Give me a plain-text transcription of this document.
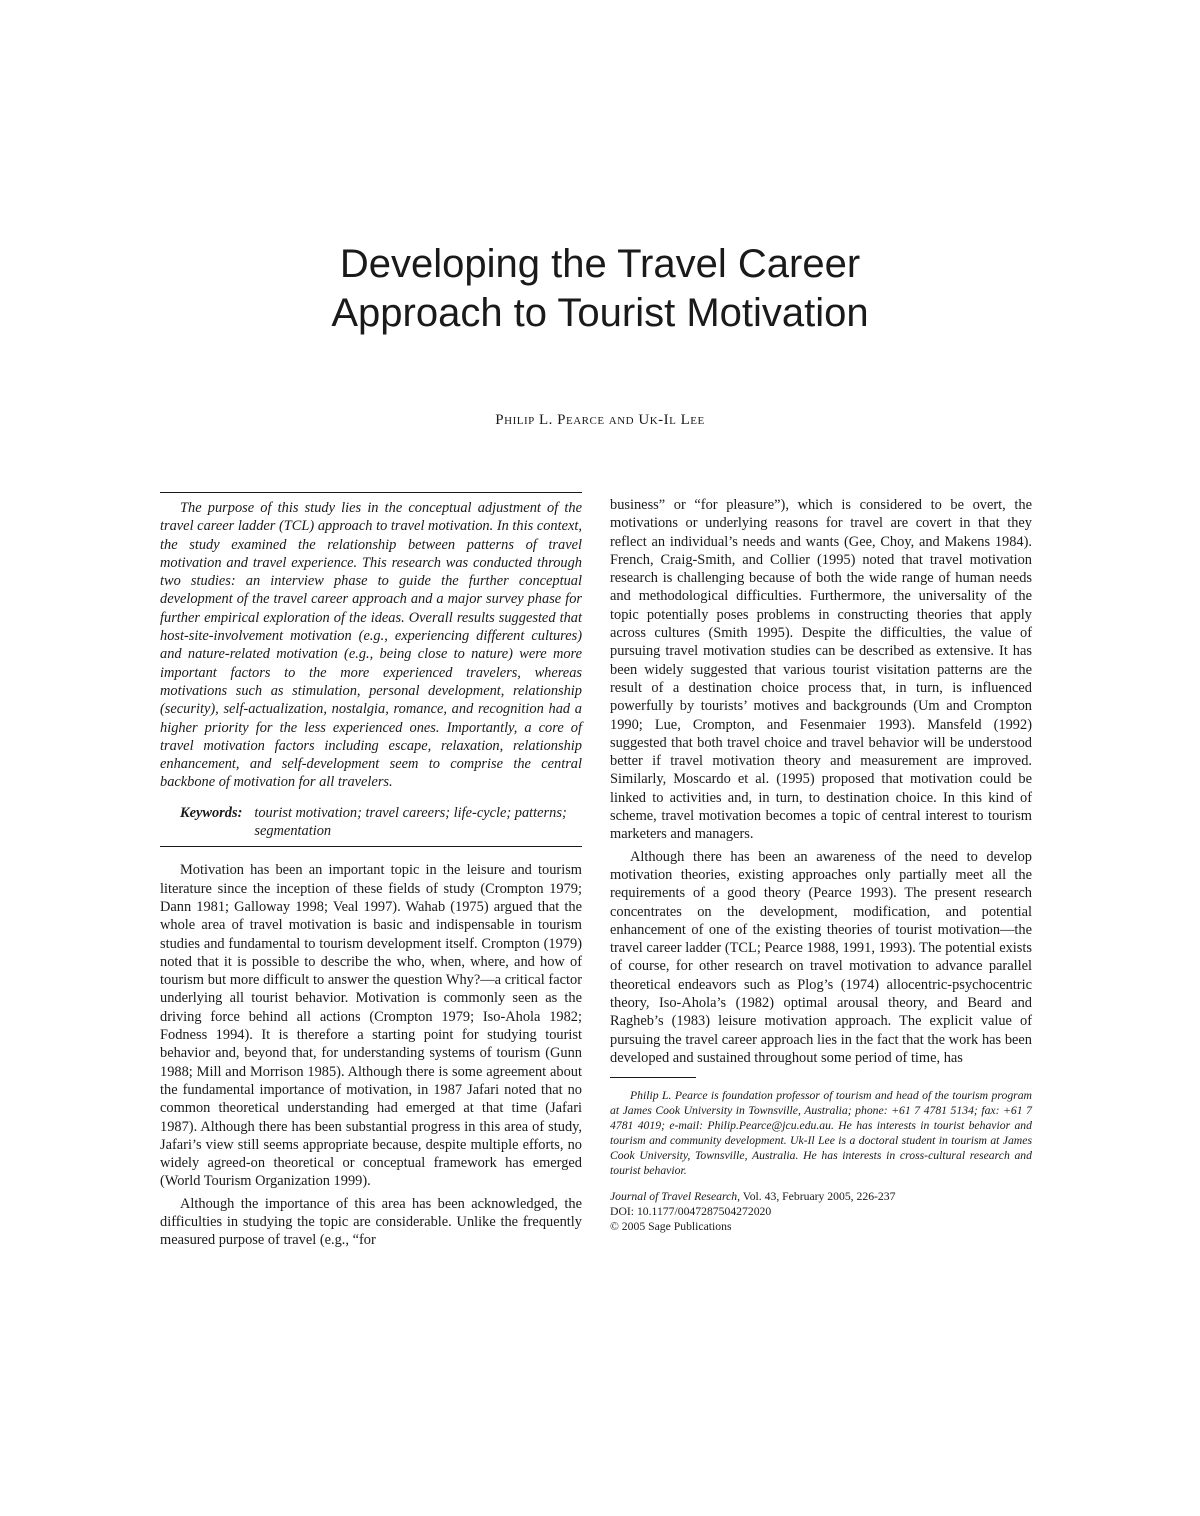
Developing the Travel Career
Approach to Tourist Motivation
Philip L. Pearce and Uk-Il Lee

The purpose of this study lies in the conceptual adjustment of the travel career ladder (TCL) approach to travel motivation. In this context, the study examined the relationship between patterns of travel motivation and travel experience. This research was conducted through two studies: an interview phase to guide the further conceptual development of the travel career approach and a major survey phase for further empirical exploration of the ideas. Overall results suggested that host-site-involvement motivation (e.g., experiencing different cultures) and nature-related motivation (e.g., being close to nature) were more important factors to the more experienced travelers, whereas motivations such as stimulation, personal development, relationship (security), self-actualization, nostalgia, romance, and recognition had a higher priority for the less experienced ones. Importantly, a core of travel motivation factors including escape, relaxation, relationship enhancement, and self-development seem to comprise the central backbone of motivation for all travelers.

Keywords: tourist motivation; travel careers; life-cycle; patterns; segmentation

Motivation has been an important topic in the leisure and tourism literature since the inception of these fields of study (Crompton 1979; Dann 1981; Galloway 1998; Veal 1997). Wahab (1975) argued that the whole area of travel motivation is basic and indispensable in tourism studies and fundamental to tourism development itself. Crompton (1979) noted that it is possible to describe the who, when, where, and how of tourism but more difficult to answer the question Why?—a critical factor underlying all tourist behavior. Motivation is commonly seen as the driving force behind all actions (Crompton 1979; Iso-Ahola 1982; Fodness 1994). It is therefore a starting point for studying tourist behavior and, beyond that, for understanding systems of tourism (Gunn 1988; Mill and Morrison 1985). Although there is some agreement about the fundamental importance of motivation, in 1987 Jafari noted that no common theoretical understanding had emerged at that time (Jafari 1987). Although there has been substantial progress in this area of study, Jafari’s view still seems appropriate because, despite multiple efforts, no widely agreed-on theoretical or conceptual framework has emerged (World Tourism Organization 1999).

Although the importance of this area has been acknowledged, the difficulties in studying the topic are considerable. Unlike the frequently measured purpose of travel (e.g., “for

business” or “for pleasure”), which is considered to be overt, the motivations or underlying reasons for travel are covert in that they reflect an individual’s needs and wants (Gee, Choy, and Makens 1984). French, Craig-Smith, and Collier (1995) noted that travel motivation research is challenging because of both the wide range of human needs and methodological difficulties. Furthermore, the universality of the topic potentially poses problems in constructing theories that apply across cultures (Smith 1995). Despite the difficulties, the value of pursuing travel motivation studies can be described as extensive. It has been widely suggested that various tourist visitation patterns are the result of a destination choice process that, in turn, is influenced powerfully by tourists’ motives and backgrounds (Um and Crompton 1990; Lue, Crompton, and Fesenmaier 1993). Mansfeld (1992) suggested that both travel choice and travel behavior will be understood better if travel motivation theory and measurement are improved. Similarly, Moscardo et al. (1995) proposed that motivation could be linked to activities and, in turn, to destination choice. In this kind of scheme, travel motivation becomes a topic of central interest to tourism marketers and managers.

Although there has been an awareness of the need to develop motivation theories, existing approaches only partially meet all the requirements of a good theory (Pearce 1993). The present research concentrates on the development, modification, and potential enhancement of one of the existing theories of tourist motivation—the travel career ladder (TCL; Pearce 1988, 1991, 1993). The potential exists of course, for other research on travel motivation to advance parallel theoretical endeavors such as Plog’s (1974) allocentric-psychocentric theory, Iso-Ahola’s (1982) optimal arousal theory, and Beard and Ragheb’s (1983) leisure motivation approach. The explicit value of pursuing the travel career approach lies in the fact that the work has been developed and sustained throughout some period of time, has

Philip L. Pearce is foundation professor of tourism and head of the tourism program at James Cook University in Townsville, Australia; phone: +61 7 4781 5134; fax: +61 7 4781 4019; e-mail: Philip.Pearce@jcu.edu.au. He has interests in tourist behavior and tourism and community development. Uk-Il Lee is a doctoral student in tourism at James Cook University, Townsville, Australia. He has interests in cross-cultural research and tourist behavior.

Journal of Travel Research, Vol. 43, February 2005, 226-237
DOI: 10.1177/0047287504272020
© 2005 Sage Publications
